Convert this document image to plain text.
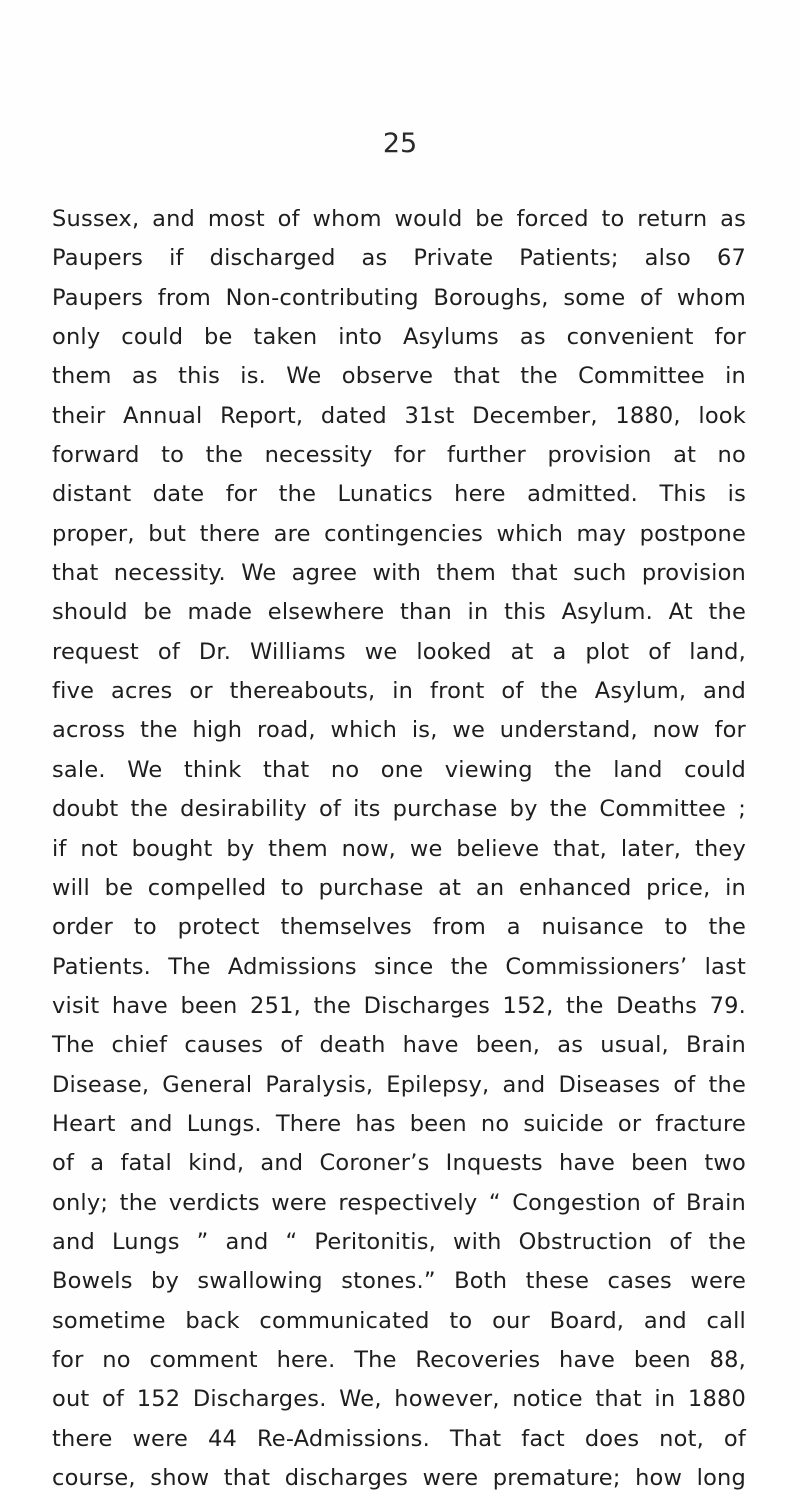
25
Sussex, and most of whom would be forced to return as
Paupers if discharged as Private Patients; also 67
Paupers from Non-contributing Boroughs, some of whom
only could be taken into Asylums as convenient for
them as this is. We observe that the Committee in
their Annual Report, dated 31st December, 1880, look
forward to the necessity for further provision at no
distant date for the Lunatics here admitted. This is
proper, but there are contingencies which may postpone
that necessity. We agree with them that such provision
should be made elsewhere than in this Asylum. At the
request of Dr. Williams we looked at a plot of land,
five acres or thereabouts, in front of the Asylum, and
across the high road, which is, we understand, now for
sale. We think that no one viewing the land could
doubt the desirability of its purchase by the Committee ;
if not bought by them now, we believe that, later, they
will be compelled to purchase at an enhanced price, in
order to protect themselves from a nuisance to the
Patients. The Admissions since the Commissioners’ last
visit have been 251, the Discharges 152, the Deaths 79.
The chief causes of death have been, as usual, Brain
Disease, General Paralysis, Epilepsy, and Diseases of the
Heart and Lungs. There has been no suicide or fracture
of a fatal kind, and Coroner’s Inquests have been two
only; the verdicts were respectively “ Congestion of Brain
and Lungs ” and “ Peritonitis, with Obstruction of the
Bowels by swallowing stones.” Both these cases were
sometime back communicated to our Board, and call
for no comment here. The Recoveries have been 88,
out of 152 Discharges. We, however, notice that in 1880
there were 44 Re-Admissions. That fact does not, of
course, show that discharges were premature; how long
